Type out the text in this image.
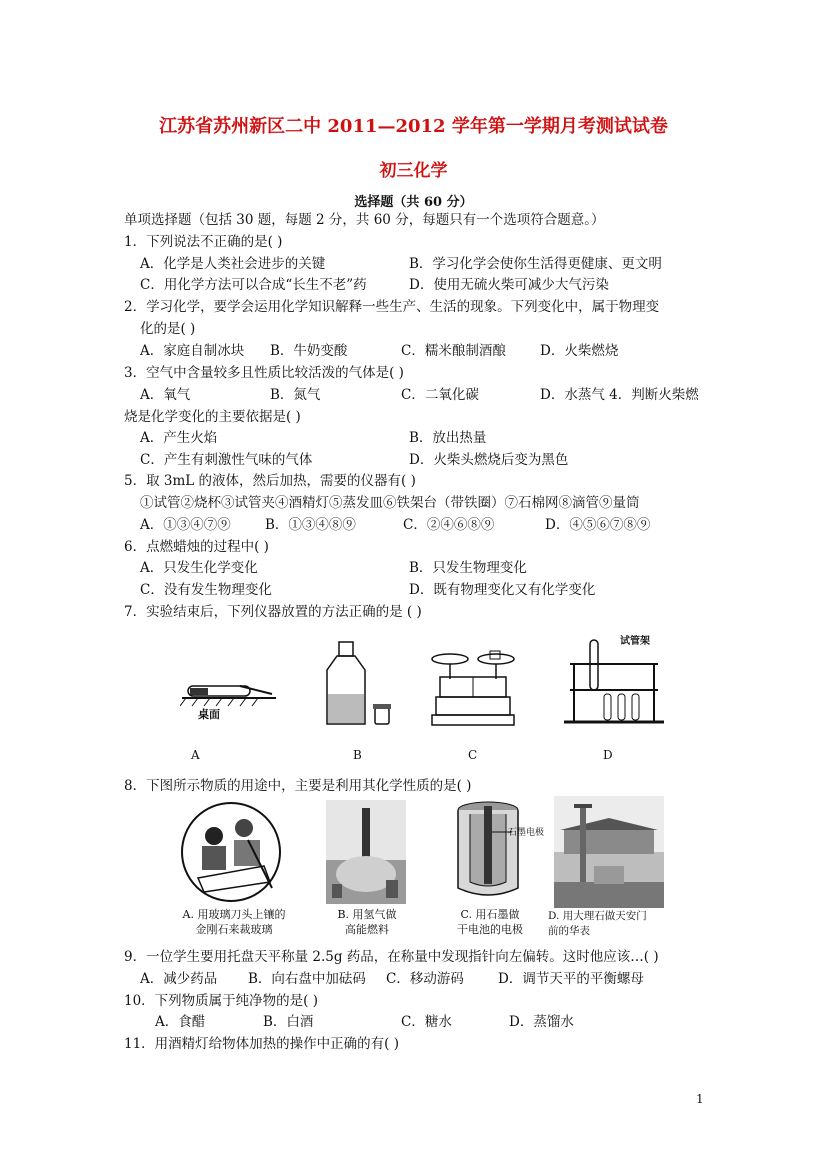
江苏省苏州新区二中 2011—2012 学年第一学期月考测试试卷
初三化学
选择题（共 60 分）
单项选择题（包括 30 题，每题 2 分，共 60 分，每题只有一个选项符合题意。）
1．下列说法不正确的是( )
A．化学是人类社会进步的关键	B．学习化学会使你生活得更健康、更文明
C．用化学方法可以合成“长生不老”药	D．使用无硫火柴可减少大气污染
2．学习化学，要学会运用化学知识解释一些生产、生活的现象。下列变化中，属于物理变
化的是( )
A．家庭自制冰块 B．牛奶变酸	C．糯米酿制酒酿	D．火柴燃烧
3．空气中含量较多且性质比较活泼的气体是( )
A．氧气	B．氮气	C．二氧化碳	D．水蒸气 4．判断火柴燃
烧是化学变化的主要依据是( )
A．产生火焰	B．放出热量
C．产生有刺激性气味的气体	D．火柴头燃烧后变为黑色
5．取 3mL 的液体，然后加热，需要的仪器有( )
①试管②烧杯③试管夹④酒精灯⑤蒸发皿⑥铁架台（带铁圈）⑦石棉网⑧滴管⑨量筒
A．①③④⑦⑨	B．①③④⑧⑨	C．②④⑥⑧⑨	D．④⑤⑥⑦⑧⑨
6．点燃蜡烛的过程中( )
A．只发生化学变化	B．只发生物理变化
C．没有发生物理变化	D．既有物理变化又有化学变化
7．实验结束后，下列仪器放置的方法正确的是 ( )
桌面
试管架
A	B	C	D
8．下图所示物质的用途中，主要是利用其化学性质的是( )
石墨电极
A. 用玻璃刀头上镶的
金刚石来裁玻璃
B. 用氢气做
高能燃料
C. 用石墨做
干电池的电极
D. 用大理石做天安门
前的华表
9．一位学生要用托盘天平称量 2.5g 药品，在称量中发现指针向左偏转。这时他应该…( )
A．减少药品 B．向右盘中加砝码 C．移动游码	D．调节天平的平衡螺母
10．下列物质属于纯净物的是( )
A．食醋	B．白酒	C．糖水	D．蒸馏水
11．用酒精灯给物体加热的操作中正确的有( )
1
